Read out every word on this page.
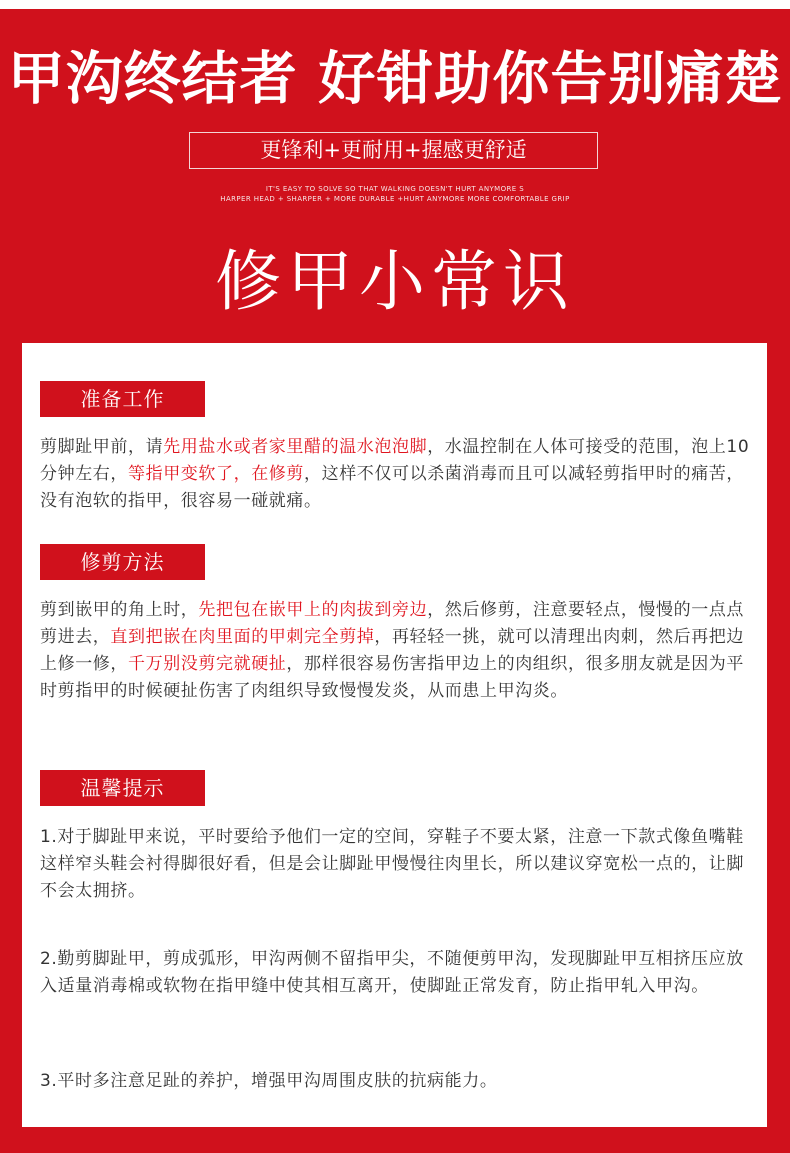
甲沟终结者 好钳助你告别痛楚
更锋利+更耐用+握感更舒适
IT'S EASY TO SOLVE SO THAT WALKING DOESN'T HURT ANYMORE S
HARPER HEAD + SHARPER + MORE DURABLE +HURT ANYMORE MORE COMFORTABLE GRIP
修甲小常识
准备工作

剪脚趾甲前，请先用盐水或者家里醋的温水泡泡脚，水温控制在人体可接受的范围，泡上10分钟左右，等指甲变软了，在修剪，这样不仅可以杀菌消毒而且可以减轻剪指甲时的痛苦，没有泡软的指甲，很容易一碰就痛。

修剪方法

剪到嵌甲的角上时，先把包在嵌甲上的肉拔到旁边，然后修剪，注意要轻点，慢慢的一点点剪进去，直到把嵌在肉里面的甲刺完全剪掉，再轻轻一挑，就可以清理出肉刺，然后再把边上修一修，千万别没剪完就硬扯，那样很容易伤害指甲边上的肉组织，很多朋友就是因为平时剪指甲的时候硬扯伤害了肉组织导致慢慢发炎，从而患上甲沟炎。

温馨提示

1.对于脚趾甲来说，平时要给予他们一定的空间，穿鞋子不要太紧，注意一下款式像鱼嘴鞋这样窄头鞋会衬得脚很好看，但是会让脚趾甲慢慢往肉里长，所以建议穿宽松一点的，让脚不会太拥挤。

2.勤剪脚趾甲，剪成弧形，甲沟两侧不留指甲尖，不随便剪甲沟，发现脚趾甲互相挤压应放入适量消毒棉或软物在指甲缝中使其相互离开，使脚趾正常发育，防止指甲轧入甲沟。

3.平时多注意足趾的养护，增强甲沟周围皮肤的抗病能力。
